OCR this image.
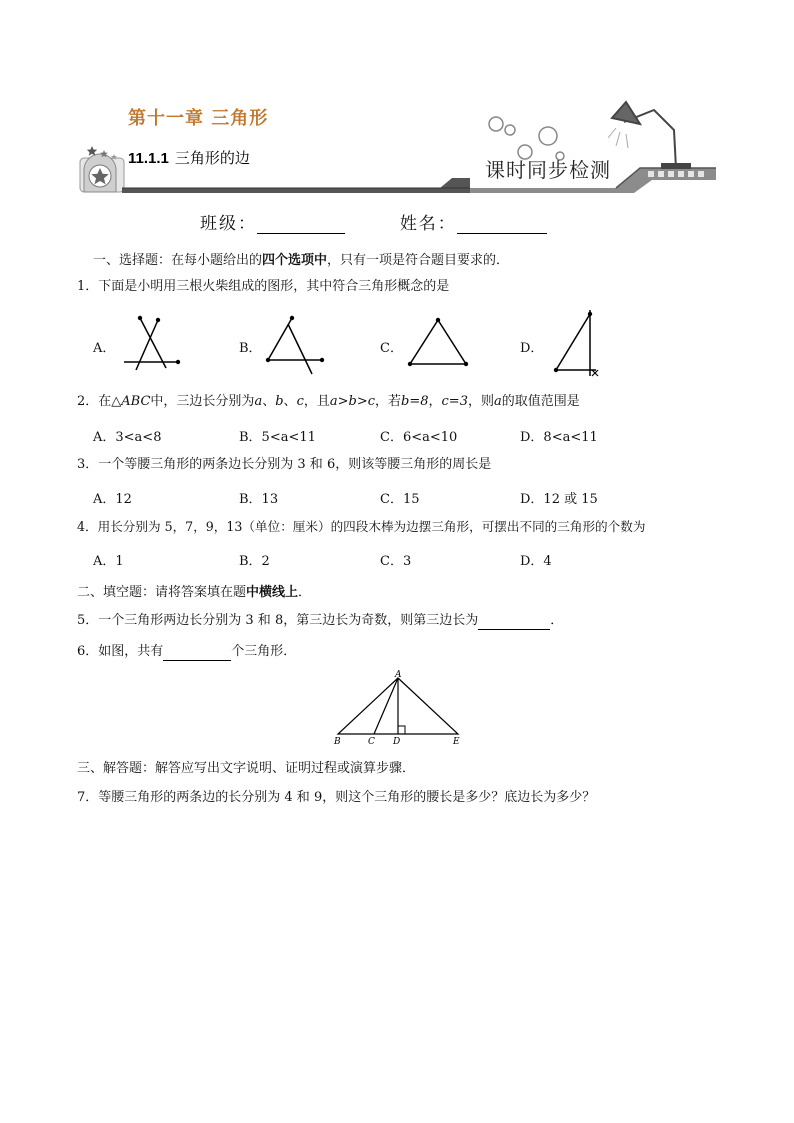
第十一章 三角形
11.1.1 三角形的边	课时同步检测
班级：	姓名：
一、选择题：在每小题给出的四个选项中，只有一项是符合题目要求的．
1．下面是小明用三根火柴组成的图形，其中符合三角形概念的是
A．	B．	C．	D．
2．在△ABC中，三边长分别为a、b、c，且a>b>c，若b=8，c=3，则a的取值范围是
A．3<a<8	B．5<a<11	C．6<a<10	D．8<a<11
3．一个等腰三角形的两条边长分别为 3 和 6，则该等腰三角形的周长是
A．12	B．13	C．15	D．12 或 15
4．用长分别为 5，7，9，13（单位：厘米）的四段木棒为边摆三角形，可摆出不同的三角形的个数为
A．1	B．2	C．3	D．4
二、填空题：请将答案填在题中横线上．
5．一个三角形两边长分别为 3 和 8，第三边长为奇数，则第三边长为	．
6．如图，共有	个三角形．
A
B	C D	E
三、解答题：解答应写出文字说明、证明过程或演算步骤．
7．等腰三角形的两条边的长分别为 4 和 9，则这个三角形的腰长是多少？底边长为多少？
